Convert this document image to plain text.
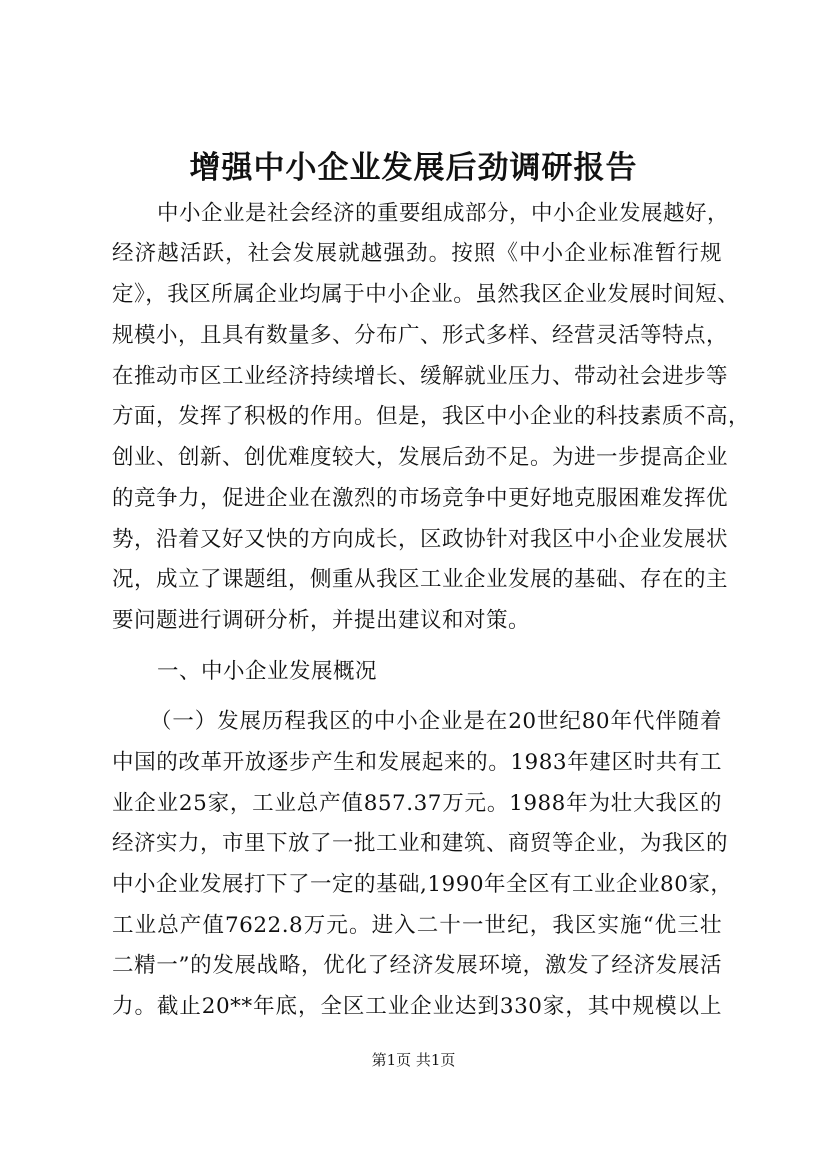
增强中小企业发展后劲调研报告
中小企业是社会经济的重要组成部分，中小企业发展越好，
经济越活跃，社会发展就越强劲。按照《中小企业标准暂行规
定》，我区所属企业均属于中小企业。虽然我区企业发展时间短、
规模小，且具有数量多、分布广、形式多样、经营灵活等特点，
在推动市区工业经济持续增长、缓解就业压力、带动社会进步等
方面，发挥了积极的作用。但是，我区中小企业的科技素质不高，
创业、创新、创优难度较大，发展后劲不足。为进一步提高企业
的竞争力，促进企业在激烈的市场竞争中更好地克服困难发挥优
势，沿着又好又快的方向成长，区政协针对我区中小企业发展状
况，成立了课题组，侧重从我区工业企业发展的基础、存在的主
要问题进行调研分析，并提出建议和对策。
一、中小企业发展概况
（一）发展历程我区的中小企业是在20世纪80年代伴随着
中国的改革开放逐步产生和发展起来的。1983年建区时共有工
业企业25家，工业总产值857.37万元。1988年为壮大我区的
经济实力，市里下放了一批工业和建筑、商贸等企业，为我区的
中小企业发展打下了一定的基础,1990年全区有工业企业80家，
工业总产值7622.8万元。进入二十一世纪，我区实施“优三壮
二精一”的发展战略，优化了经济发展环境，激发了经济发展活
力。截止20**年底，全区工业企业达到330家，其中规模以上
第1页 共1页
